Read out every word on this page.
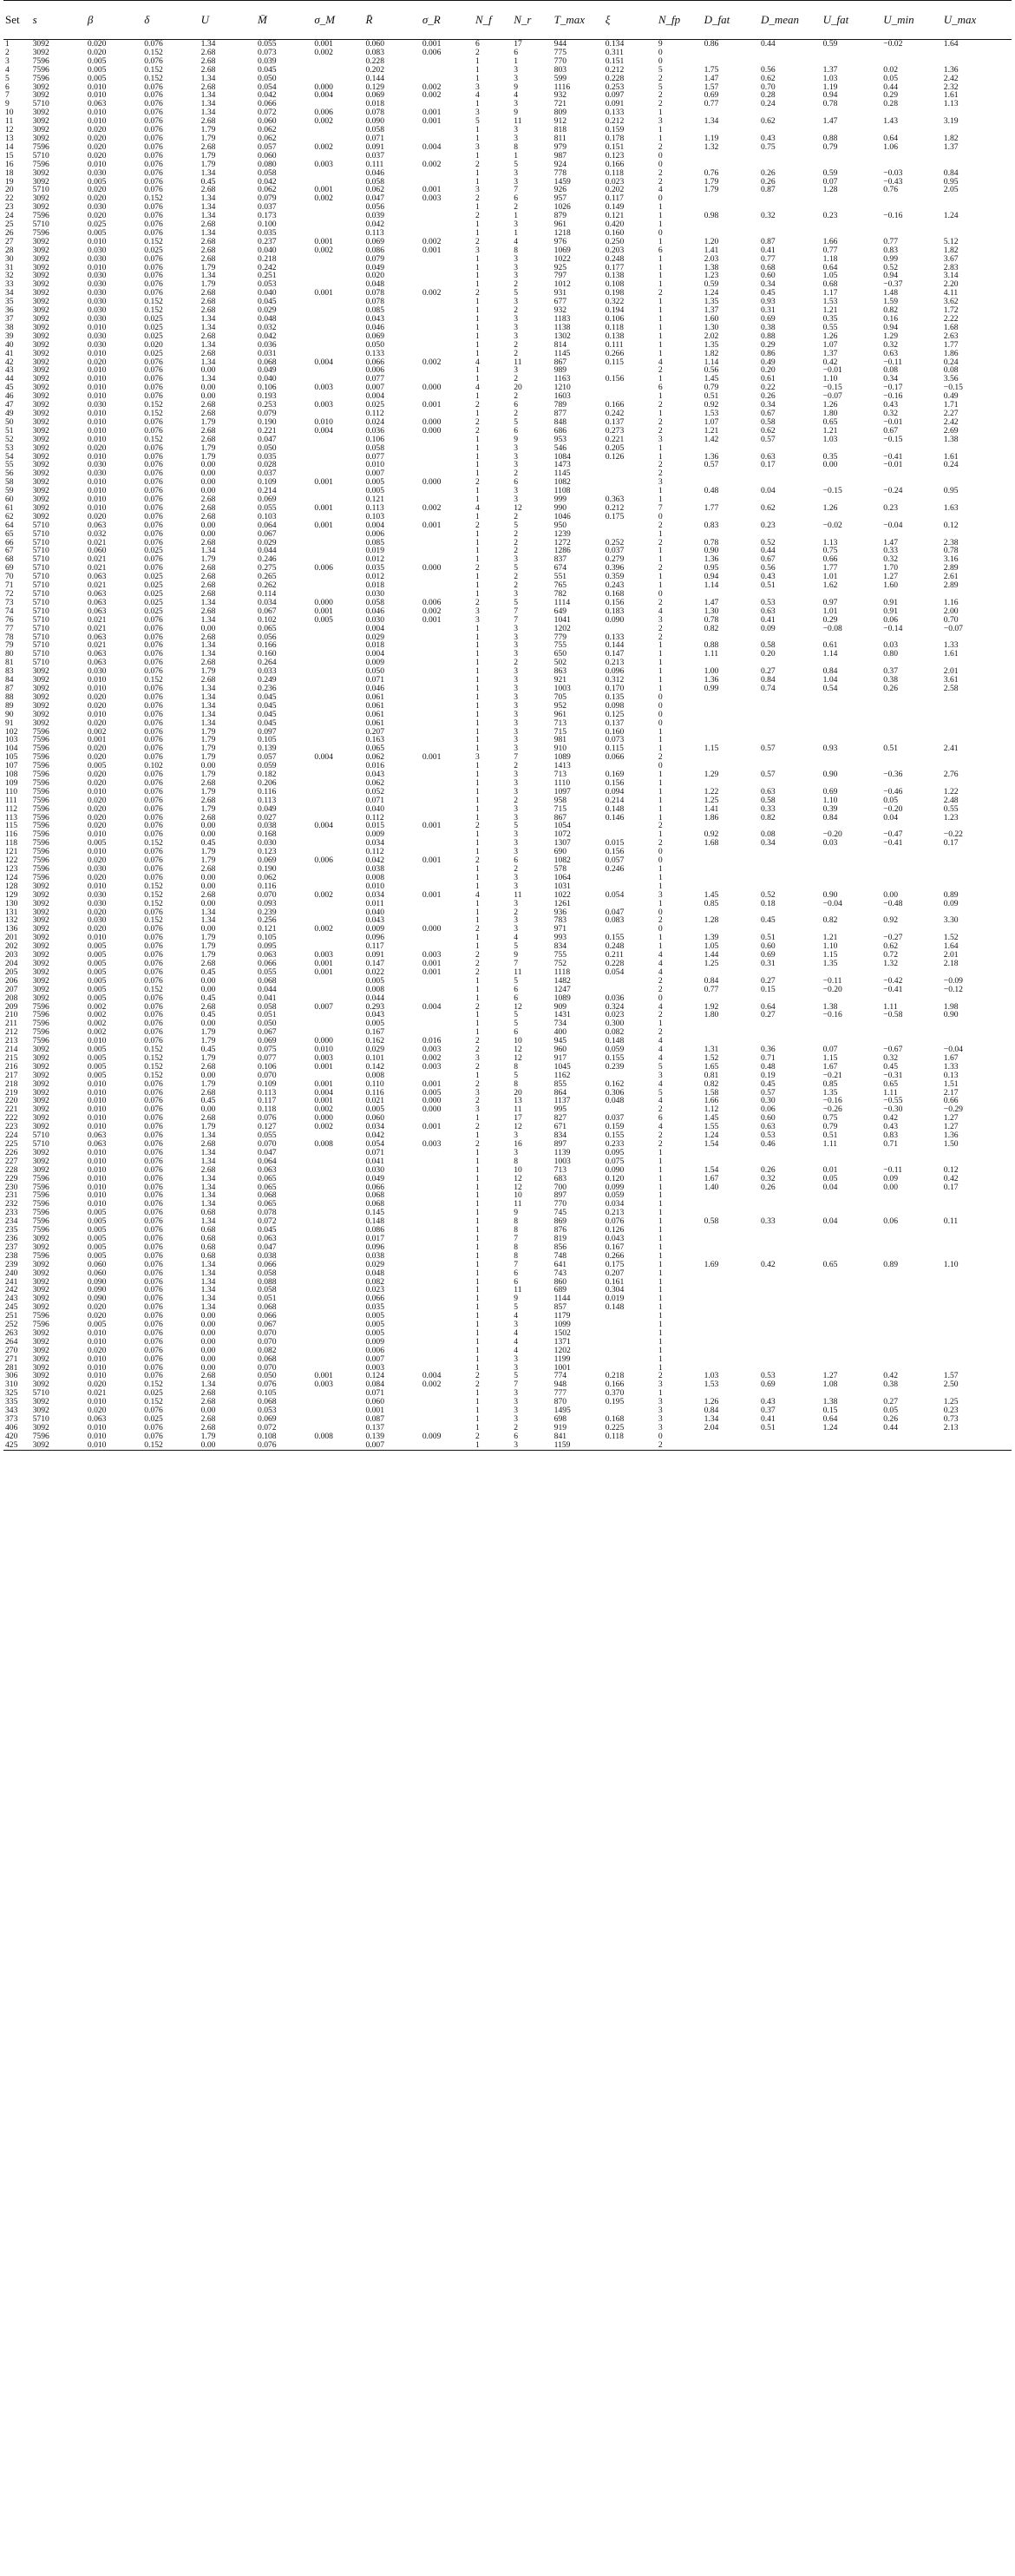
Set	s	β	δ	U	M̄	σ_M	R̄	σ_R	N_f	N_r	T_max	ξ	N_fp	D_fat	D_mean	U_fat	U_min	U_max
1	3092	0.020	0.076	1.34	0.055	0.001	0.060	0.001	6	17	944	0.134	9	0.86	0.44	0.59	−0.02	1.64
2	3092	0.020	0.152	2.68	0.073	0.002	0.083	0.006	2	6	775	0.311	0					
3	7596	0.005	0.076	2.68	0.039		0.228		1	1	770	0.151	0					
4	7596	0.005	0.152	2.68	0.045		0.202		1	3	803	0.212	5	1.75	0.56	1.37	0.02	1.36
5	7596	0.005	0.152	1.34	0.050		0.144		1	3	599	0.228	2	1.47	0.62	1.03	0.05	2.42
6	3092	0.010	0.076	2.68	0.054	0.000	0.129	0.002	3	9	1116	0.253	5	1.57	0.70	1.19	0.44	2.32
7	3092	0.010	0.076	1.34	0.042	0.004	0.069	0.002	4	4	932	0.097	2	0.69	0.28	0.94	0.29	1.61
9	5710	0.063	0.076	1.34	0.066		0.018		1	3	721	0.091	2	0.77	0.24	0.78	0.28	1.13
10	3092	0.010	0.076	1.34	0.072	0.006	0.078	0.001	3	9	809	0.133	1					
11	3092	0.010	0.076	2.68	0.060	0.002	0.090	0.001	5	11	912	0.212	3	1.34	0.62	1.47	1.43	3.19
12	3092	0.020	0.076	1.79	0.062		0.058		1	3	818	0.159	1					
13	3092	0.020	0.076	1.79	0.062		0.071		1	3	811	0.178	1	1.19	0.43	0.88	0.64	1.82
14	7596	0.020	0.076	2.68	0.057	0.002	0.091	0.004	3	8	979	0.151	2	1.32	0.75	0.79	1.06	1.37
15	5710	0.020	0.076	1.79	0.060		0.037		1	1	987	0.123	0					
16	7596	0.010	0.076	1.79	0.080	0.003	0.111	0.002	2	5	924	0.166	0					
18	3092	0.030	0.076	1.34	0.058		0.046		1	3	778	0.118	2	0.76	0.26	0.59	−0.03	0.84
19	3092	0.005	0.076	0.45	0.042		0.058		1	3	1459	0.023	2	1.79	0.26	0.07	−0.43	0.95
20	5710	0.020	0.076	2.68	0.062	0.001	0.062	0.001	3	7	926	0.202	4	1.79	0.87	1.28	0.76	2.05
22	3092	0.020	0.152	1.34	0.079	0.002	0.047	0.003	2	6	957	0.117	0					
23	3092	0.030	0.076	1.34	0.037		0.056		1	2	1026	0.149	1					
24	7596	0.020	0.076	1.34	0.173		0.039		2	1	879	0.121	1	0.98	0.32	0.23	−0.16	1.24
25	5710	0.025	0.076	2.68	0.100		0.042		1	3	961	0.420	1					
26	7596	0.005	0.076	1.34	0.035		0.113		1	1	1218	0.160	0					
27	3092	0.010	0.152	2.68	0.237	0.001	0.069	0.002	2	4	976	0.250	1	1.20	0.87	1.66	0.77	5.12
28	3092	0.030	0.025	2.68	0.040	0.002	0.086	0.001	3	8	1069	0.203	6	1.41	0.41	0.77	0.83	1.82
30	3092	0.030	0.076	2.68	0.218		0.079		1	3	1022	0.248	1	2.03	0.77	1.18	0.99	3.67
31	3092	0.010	0.076	1.79	0.242		0.049		1	3	925	0.177	1	1.38	0.68	0.64	0.52	2.83
32	3092	0.030	0.076	1.34	0.251		0.020		1	3	797	0.138	1	1.23	0.60	1.05	0.94	3.14
33	3092	0.030	0.076	1.79	0.053		0.048		1	2	1012	0.108	1	0.59	0.34	0.68	−0.37	2.20
34	3092	0.030	0.076	2.68	0.040	0.001	0.078	0.002	2	5	931	0.198	2	1.24	0.45	1.17	1.48	4.11
35	3092	0.030	0.152	2.68	0.045		0.078		1	3	677	0.322	1	1.35	0.93	1.53	1.59	3.62
36	3092	0.030	0.152	2.68	0.029		0.085		1	2	932	0.194	1	1.37	0.31	1.21	0.82	1.72
37	3092	0.030	0.025	1.34	0.048		0.043		1	3	1183	0.106	1	1.60	0.69	0.35	0.16	2.22
38	3092	0.010	0.025	1.34	0.032		0.046		1	3	1138	0.118	1	1.30	0.38	0.55	0.94	1.68
39	3092	0.030	0.025	2.68	0.042		0.069		1	3	1302	0.138	1	2.02	0.88	1.26	1.29	2.63
40	3092	0.030	0.020	1.34	0.036		0.050		1	2	814	0.111	1	1.35	0.29	1.07	0.32	1.77
41	3092	0.010	0.025	2.68	0.031		0.133		1	2	1145	0.266	1	1.82	0.86	1.37	0.63	1.86
42	3092	0.020	0.076	1.34	0.068	0.004	0.066	0.002	4	11	867	0.115	4	1.14	0.49	0.42	−0.11	0.24
43	3092	0.010	0.076	0.00	0.049		0.006		1	3	989		2	0.56	0.20	−0.01	0.08	0.08
44	3092	0.010	0.076	1.34	0.040		0.077		1	2	1163	0.156	1	1.45	0.61	1.10	0.34	3.56
45	3092	0.010	0.076	0.00	0.106	0.003	0.007	0.000	4	20	1210		6	0.79	0.22	−0.15	−0.17	−0.15
46	3092	0.010	0.076	0.00	0.193		0.004		1	2	1603		1	0.51	0.26	−0.07	−0.16	0.49
47	3092	0.030	0.152	2.68	0.253	0.003	0.025	0.001	2	6	789	0.166	2	0.92	0.34	1.26	0.43	1.71
49	3092	0.010	0.152	2.68	0.079		0.112		1	2	877	0.242	1	1.53	0.67	1.80	0.32	2.27
50	3092	0.010	0.076	1.79	0.190	0.010	0.024	0.000	2	5	848	0.137	2	1.07	0.58	0.65	−0.01	2.42
51	3092	0.010	0.076	2.68	0.221	0.004	0.036	0.000	2	6	686	0.273	2	1.21	0.62	1.21	0.67	2.69
52	3092	0.010	0.152	2.68	0.047		0.106		1	9	953	0.221	3	1.42	0.57	1.03	−0.15	1.38
53	3092	0.020	0.076	1.79	0.050		0.058		1	3	546	0.205	1					
54	3092	0.010	0.076	1.79	0.035		0.077		1	3	1084	0.126	1	1.36	0.63	0.35	−0.41	1.61
55	3092	0.030	0.076	0.00	0.028		0.010		1	3	1473		2	0.57	0.17	0.00	−0.01	0.24
56	3092	0.030	0.076	0.00	0.037		0.007		1	2	1145		2					
58	3092	0.010	0.076	0.00	0.109	0.001	0.005	0.000	2	6	1082		3					
59	3092	0.010	0.076	0.00	0.214		0.005		1	3	1108		1	0.48	0.04	−0.15	−0.24	0.95
60	3092	0.010	0.076	2.68	0.069		0.121		1	3	999	0.363	1					
61	3092	0.010	0.076	2.68	0.055	0.001	0.113	0.002	4	12	990	0.212	7	1.77	0.62	1.26	0.23	1.63
62	3092	0.020	0.076	2.68	0.103		0.103		1	2	1046	0.175	0					
64	5710	0.063	0.076	0.00	0.064	0.001	0.004	0.001	2	5	950		2	0.83	0.23	−0.02	−0.04	0.12
65	5710	0.032	0.076	0.00	0.067		0.006		1	2	1239		1					
66	5710	0.021	0.076	2.68	0.029		0.085		1	2	1272	0.252	2	0.78	0.52	1.13	1.47	2.38
67	5710	0.060	0.025	1.34	0.044		0.019		1	2	1286	0.037	1	0.90	0.44	0.75	0.33	0.78
68	5710	0.021	0.076	1.79	0.246		0.012		1	3	837	0.279	1	1.36	0.67	0.66	0.32	3.16
69	5710	0.021	0.076	2.68	0.275	0.006	0.035	0.000	2	5	674	0.396	2	0.95	0.56	1.77	1.70	2.89
70	5710	0.063	0.025	2.68	0.265		0.012		1	2	551	0.359	1	0.94	0.43	1.01	1.27	2.61
71	5710	0.021	0.025	2.68	0.262		0.018		1	2	765	0.243	1	1.14	0.51	1.62	1.60	2.89
72	5710	0.063	0.025	2.68	0.114		0.030		1	3	782	0.168	0					
73	5710	0.063	0.025	1.34	0.034	0.000	0.058	0.006	2	5	1114	0.156	2	1.47	0.53	0.97	0.91	1.16
74	5710	0.063	0.025	2.68	0.067	0.001	0.046	0.002	3	7	649	0.183	4	1.30	0.63	1.01	0.91	2.00
76	5710	0.021	0.076	1.34	0.102	0.005	0.030	0.001	3	7	1041	0.090	3	0.78	0.41	0.29	0.06	0.70
77	5710	0.021	0.076	0.00	0.065		0.004		1	3	1202		2	0.82	0.09	−0.08	−0.14	−0.07
78	5710	0.063	0.076	2.68	0.056		0.029		1	3	779	0.133	2					
79	5710	0.021	0.076	1.34	0.166		0.018		1	3	755	0.144	1	0.88	0.58	0.61	0.03	1.33
80	5710	0.063	0.076	1.34	0.160		0.004		1	3	650	0.147	1	1.11	0.20	1.14	0.80	1.61
81	5710	0.063	0.076	2.68	0.264		0.009		1	2	502	0.213	1					
83	3092	0.030	0.076	1.79	0.033		0.050		1	3	863	0.096	1	1.00	0.27	0.84	0.37	2.01
84	3092	0.010	0.152	2.68	0.249		0.071		1	3	921	0.312	1	1.36	0.84	1.04	0.38	3.61
87	3092	0.010	0.076	1.34	0.236		0.046		1	3	1003	0.170	1	0.99	0.74	0.54	0.26	2.58
88	3092	0.020	0.076	1.34	0.045		0.061		1	3	705	0.135	0					
89	3092	0.020	0.076	1.34	0.045		0.061		1	3	952	0.098	0					
90	3092	0.010	0.076	1.34	0.045		0.061		1	3	961	0.125	0					
91	3092	0.020	0.076	1.34	0.045		0.061		1	3	713	0.137	0					
102	7596	0.002	0.076	1.79	0.097		0.207		1	3	715	0.160	1					
103	7596	0.001	0.076	1.79	0.105		0.163		1	3	981	0.073	1					
104	7596	0.020	0.076	1.79	0.139		0.065		1	3	910	0.115	1	1.15	0.57	0.93	0.51	2.41
105	7596	0.020	0.076	1.79	0.057	0.004	0.062	0.001	3	7	1089	0.066	2					
107	7596	0.005	0.102	0.00	0.059		0.016		1	2	1413		0					
108	7596	0.020	0.076	1.79	0.182		0.043		1	3	713	0.169	1	1.29	0.57	0.90	−0.36	2.76
109	7596	0.020	0.076	2.68	0.206		0.062		1	3	1110	0.156	1					
110	7596	0.010	0.076	1.79	0.116		0.052		1	3	1097	0.094	1	1.22	0.63	0.69	−0.46	1.22
111	7596	0.020	0.076	2.68	0.113		0.071		1	2	958	0.214	1	1.25	0.58	1.10	0.05	2.48
112	7596	0.020	0.076	1.79	0.049		0.040		1	3	715	0.148	1	1.41	0.33	0.39	−0.20	0.55
113	7596	0.020	0.076	2.68	0.027		0.112		1	3	867	0.146	1	1.86	0.82	0.84	0.04	1.23
115	7596	0.020	0.076	0.00	0.038	0.004	0.015	0.001	2	5	1054		2					
116	7596	0.010	0.076	0.00	0.168		0.009		1	3	1072		1	0.92	0.08	−0.20	−0.47	−0.22
118	7596	0.005	0.152	0.45	0.030		0.034		1	3	1307	0.015	2	1.68	0.34	0.03	−0.41	0.17
121	7596	0.010	0.076	1.79	0.123		0.112		1	3	690	0.156	0					
122	7596	0.020	0.076	1.79	0.069	0.006	0.042	0.001	2	6	1082	0.057	0					
123	7596	0.030	0.076	2.68	0.190		0.038		1	2	578	0.246	1					
124	7596	0.020	0.076	0.00	0.062		0.008		1	3	1064		1					
128	3092	0.010	0.152	0.00	0.116		0.010		1	3	1031		1					
129	3092	0.030	0.152	2.68	0.070	0.002	0.034	0.001	4	11	1022	0.054	3	1.45	0.52	0.90	0.00	0.89
130	3092	0.030	0.152	0.00	0.093		0.011		1	3	1261		1	0.85	0.18	−0.04	−0.48	0.09
131	3092	0.020	0.076	1.34	0.239		0.040		1	2	936	0.047	0					
132	3092	0.030	0.152	1.34	0.256		0.043		1	3	783	0.083	2	1.28	0.45	0.82	0.92	3.30
136	3092	0.020	0.076	0.00	0.121	0.002	0.009	0.000	2	3	971		0					
201	3092	0.010	0.076	1.79	0.105		0.096		1	4	993	0.155	1	1.39	0.51	1.21	−0.27	1.52
202	3092	0.005	0.076	1.79	0.095		0.117		1	5	834	0.248	1	1.05	0.60	1.10	0.62	1.64
203	3092	0.005	0.076	1.79	0.063	0.003	0.091	0.003	2	9	755	0.211	4	1.44	0.69	1.15	0.72	2.01
204	3092	0.005	0.076	2.68	0.066	0.001	0.147	0.001	2	7	752	0.228	4	1.25	0.31	1.35	1.32	2.18
205	3092	0.005	0.076	0.45	0.055	0.001	0.022	0.001	2	11	1118	0.054	4					
206	3092	0.005	0.076	0.00	0.068		0.005		1	5	1482		2	0.84	0.27	−0.11	−0.42	−0.09
207	3092	0.005	0.152	0.00	0.044		0.008		1	6	1247		2	0.77	0.15	−0.20	−0.41	−0.12
208	3092	0.005	0.076	0.45	0.041		0.044		1	6	1089	0.036	0					
209	7596	0.002	0.076	2.68	0.058	0.007	0.293	0.004	2	12	909	0.324	4	1.92	0.64	1.38	1.11	1.98
210	7596	0.002	0.076	0.45	0.051		0.043		1	5	1431	0.023	2	1.80	0.27	−0.16	−0.58	0.90
211	7596	0.002	0.076	0.00	0.050		0.005		1	5	734	0.300	1					
212	7596	0.002	0.076	1.79	0.067		0.167		1	6	400	0.082	2					
213	7596	0.010	0.076	1.79	0.069	0.000	0.162	0.016	2	10	945	0.148	4					
214	3092	0.005	0.152	0.45	0.075	0.010	0.029	0.003	2	12	960	0.059	4	1.31	0.36	0.07	−0.67	−0.04
215	3092	0.005	0.152	1.79	0.077	0.003	0.101	0.002	3	12	917	0.155	4	1.52	0.71	1.15	0.32	1.67
216	3092	0.005	0.152	2.68	0.106	0.001	0.142	0.003	2	8	1045	0.239	5	1.65	0.48	1.67	0.45	1.33
217	3092	0.005	0.152	0.00	0.070		0.008		1	5	1162		3	0.81	0.19	−0.21	−0.31	0.13
218	3092	0.010	0.076	1.79	0.109	0.001	0.110	0.001	2	8	855	0.162	4	0.82	0.45	0.85	0.65	1.51
219	3092	0.010	0.076	2.68	0.113	0.004	0.116	0.005	3	20	864	0.306	5	1.58	0.57	1.35	1.11	2.17
220	3092	0.010	0.076	0.45	0.117	0.001	0.021	0.000	2	13	1137	0.048	4	1.66	0.30	−0.16	−0.55	0.66
221	3092	0.010	0.076	0.00	0.118	0.002	0.005	0.000	3	11	995		2	1.12	0.06	−0.26	−0.30	−0.29
222	3092	0.010	0.076	2.68	0.076	0.000	0.060		1	17	827	0.037	6	1.45	0.60	0.75	0.42	1.27
223	3092	0.010	0.076	1.79	0.127	0.002	0.034	0.001	2	12	671	0.159	4	1.55	0.63	0.79	0.43	1.27
224	5710	0.063	0.076	1.34	0.055		0.042		1	3	834	0.155	2	1.24	0.53	0.51	0.83	1.36
225	5710	0.063	0.076	2.68	0.070	0.008	0.054	0.003	2	16	897	0.233	2	1.54	0.46	1.11	0.71	1.50
226	3092	0.010	0.076	1.34	0.047		0.071		1	3	1139	0.095	1					
227	3092	0.010	0.076	1.34	0.064		0.041		1	8	1003	0.075	1					
228	3092	0.010	0.076	2.68	0.063		0.030		1	10	713	0.090	1	1.54	0.26	0.01	−0.11	0.12
229	7596	0.010	0.076	1.34	0.065		0.049		1	12	683	0.120	1	1.67	0.32	0.05	0.09	0.42
230	7596	0.010	0.076	1.34	0.065		0.066		1	12	700	0.099	1	1.40	0.26	0.04	0.00	0.17
231	7596	0.010	0.076	1.34	0.068		0.068		1	10	897	0.059	1					
232	7596	0.010	0.076	1.34	0.065		0.068		1	11	770	0.034	1					
233	7596	0.005	0.076	0.68	0.078		0.145		1	9	745	0.213	1					
234	7596	0.005	0.076	1.34	0.072		0.148		1	8	869	0.076	1	0.58	0.33	0.04	0.06	0.11
235	7596	0.005	0.076	0.68	0.045		0.086		1	8	876	0.126	1					
236	3092	0.005	0.076	0.68	0.063		0.017		1	7	819	0.043	1					
237	3092	0.005	0.076	0.68	0.047		0.096		1	8	856	0.167	1					
238	7596	0.005	0.076	0.68	0.038		0.038		1	8	748	0.266	1					
239	3092	0.060	0.076	1.34	0.066		0.029		1	7	641	0.175	1	1.69	0.42	0.65	0.89	1.10
240	3092	0.060	0.076	1.34	0.058		0.048		1	6	743	0.207	1					
241	3092	0.090	0.076	1.34	0.088		0.082		1	6	860	0.161	1					
242	3092	0.090	0.076	1.34	0.058		0.023		1	11	689	0.304	1					
243	3092	0.090	0.076	1.34	0.051		0.066		1	9	1144	0.019	1					
245	3092	0.020	0.076	1.34	0.068		0.035		1	5	857	0.148	1					
251	7596	0.020	0.076	0.00	0.066		0.005		1	4	1179		1					
252	7596	0.005	0.076	0.00	0.067		0.005		1	3	1099		1					
263	3092	0.010	0.076	0.00	0.070		0.005		1	4	1502		1					
264	3092	0.010	0.076	0.00	0.070		0.009		1	4	1371		1					
270	3092	0.020	0.076	0.00	0.082		0.006		1	4	1202		1					
271	3092	0.010	0.076	0.00	0.068		0.007		1	3	1199		1					
281	3092	0.010	0.076	0.00	0.070		0.003		1	3	1001		1					
306	3092	0.010	0.076	2.68	0.050	0.001	0.124	0.004	2	5	774	0.218	2	1.03	0.53	1.27	0.42	1.57
310	3092	0.020	0.152	1.34	0.076	0.003	0.084	0.002	2	7	948	0.166	3	1.53	0.69	1.08	0.38	2.50
325	5710	0.021	0.025	2.68	0.105		0.071		1	3	777	0.370	1					
335	3092	0.010	0.152	2.68	0.068		0.060		1	3	870	0.195	3	1.26	0.43	1.38	0.27	1.25
343	3092	0.020	0.076	0.00	0.053		0.001		1	3	1495		3	0.84	0.37	0.15	0.05	0.23
373	5710	0.063	0.025	2.68	0.069		0.087		1	3	698	0.168	3	1.34	0.41	0.64	0.26	0.73
406	3092	0.010	0.076	2.68	0.072		0.137		1	2	919	0.225	3	2.04	0.51	1.24	0.44	2.13
420	7596	0.010	0.076	1.79	0.108	0.008	0.139	0.009	2	6	841	0.118	0					
425	3092	0.010	0.152	0.00	0.076		0.007		1	3	1159		2					
